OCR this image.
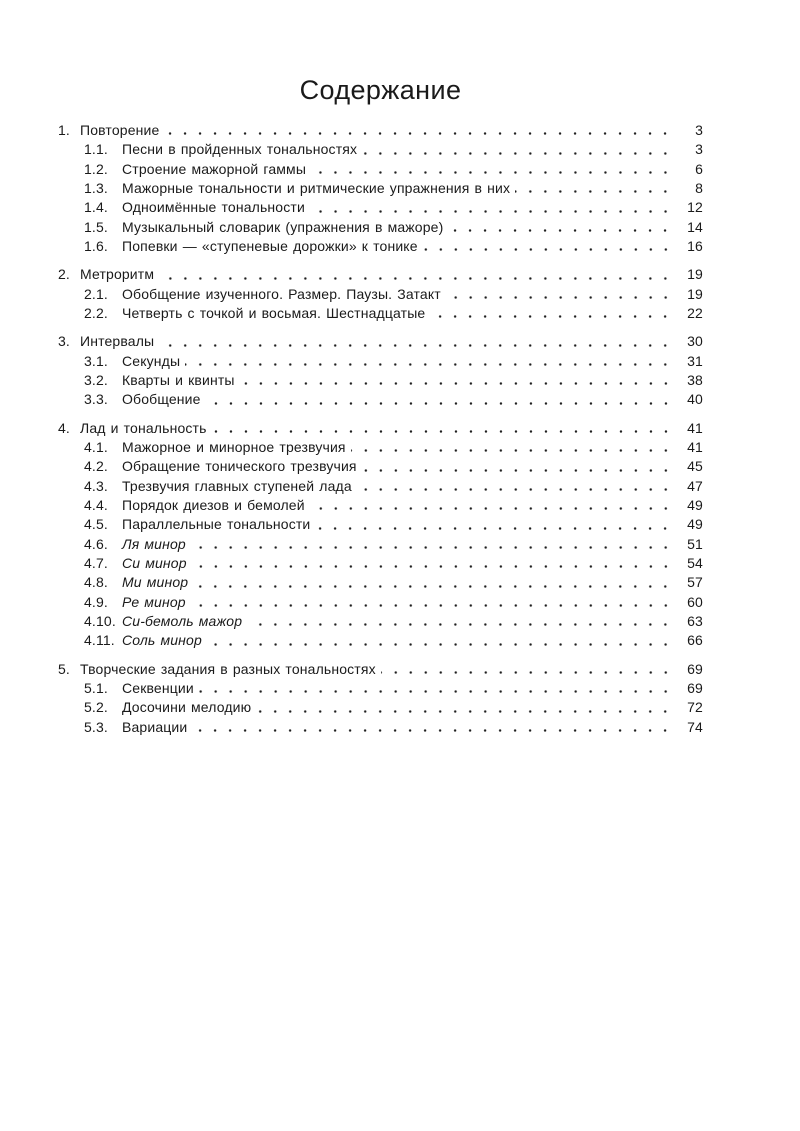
Содержание
1. Повторение	3
1.1.	Песни в пройденных тональностях	3
1.2.	Строение мажорной гаммы	6
1.3.	Мажорные тональности и ритмические упражнения в них	8
1.4.	Одноимённые тональности	12
1.5.	Музыкальный словарик (упражнения в мажоре)	14
1.6.	Попевки — «ступеневые дорожки» к тонике	16
2. Метроритм	19
2.1.	Обобщение изученного. Размер. Паузы. Затакт	19
2.2.	Четверть с точкой и восьмая. Шестнадцатые	22
3. Интервалы	30
3.1.	Секунды	31
3.2.	Кварты и квинты	38
3.3.	Обобщение	40
4. Лад и тональность	41
4.1.	Мажорное и минорное трезвучия	41
4.2.	Обращение тонического трезвучия	45
4.3.	Трезвучия главных ступеней лада	47
4.4.	Порядок диезов и бемолей	49
4.5.	Параллельные тональности	49
4.6.	Ля минор	51
4.7.	Си минор	54
4.8.	Ми минор	57
4.9.	Ре минор	60
4.10. Си-бемоль мажор	63
4.11. Соль минор	66
5. Творческие задания в разных тональностях	69
5.1.	Секвенции	69
5.2.	Досочини мелодию	72
5.3.	Вариации	74
